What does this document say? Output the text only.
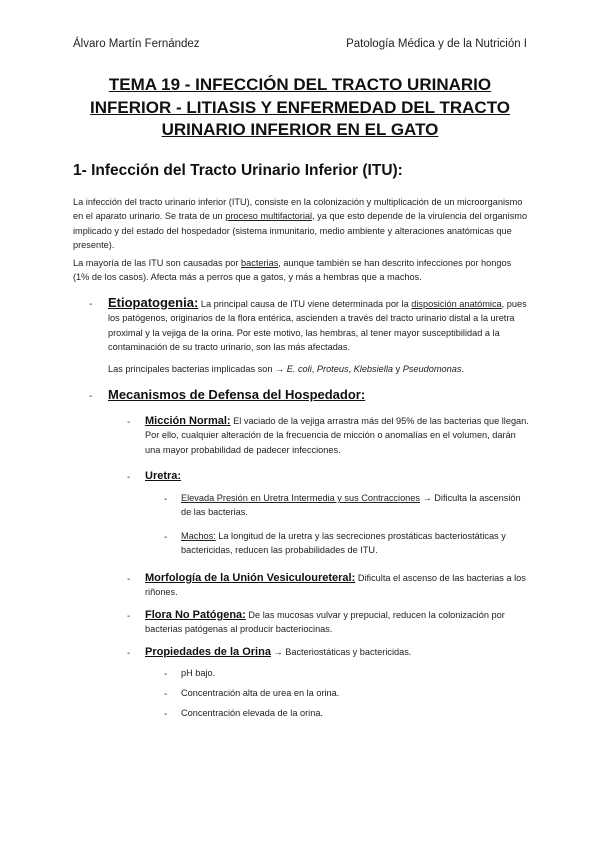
Álvaro Martín Fernández	Patología Médica y de la Nutrición I
TEMA 19 - INFECCIÓN DEL TRACTO URINARIO
INFERIOR - LITIASIS Y ENFERMEDAD DEL TRACTO
URINARIO INFERIOR EN EL GATO
1- Infección del Tracto Urinario Inferior (ITU):
La infección del tracto urinario inferior (ITU), consiste en la colonización y multiplicación de un microorganismo en el aparato urinario. Se trata de un proceso multifactorial, ya que esto depende de la virulencia del organismo implicado y del estado del hospedador (sistema inmunitario, medio ambiente y alteraciones anatómicas que presente).
La mayoría de las ITU son causadas por bacterias, aunque también se han descrito infecciones por hongos (1% de los casos). Afecta más a perros que a gatos, y más a hembras que a machos.
- Etiopatogenia: La principal causa de ITU viene determinada por la disposición anatómica, pues los patógenos, originarios de la flora entérica, ascienden a través del tracto urinario distal a la uretra proximal y la vejiga de la orina. Por este motivo, las hembras, al tener mayor susceptibilidad a la contaminación de su tracto urinario, son las más afectadas.
Las principales bacterias implicadas son → E. coli, Proteus, Klebsiella y Pseudomonas.
- Mecanismos de Defensa del Hospedador:
- Micción Normal: El vaciado de la vejiga arrastra más del 95% de las bacterias que llegan. Por ello, cualquier alteración de la frecuencia de micción o anomalías en el volumen, darán una mayor probabilidad de padecer infecciones.
- Uretra:
- Elevada Presión en Uretra Intermedia y sus Contracciones → Dificulta la ascensión de las bacterias.
- Machos: La longitud de la uretra y las secreciones prostáticas bacteriostáticas y bactericidas, reducen las probabilidades de ITU.
- Morfología de la Unión Vesiculoureteral: Dificulta el ascenso de las bacterias a los riñones.
- Flora No Patógena: De las mucosas vulvar y prepucial, reducen la colonización por bacterias patógenas al producir bacteriocinas.
- Propiedades de la Orina → Bacteriostáticas y bactericidas.
- pH bajo.
- Concentración alta de urea en la orina.
- Concentración elevada de la orina.
